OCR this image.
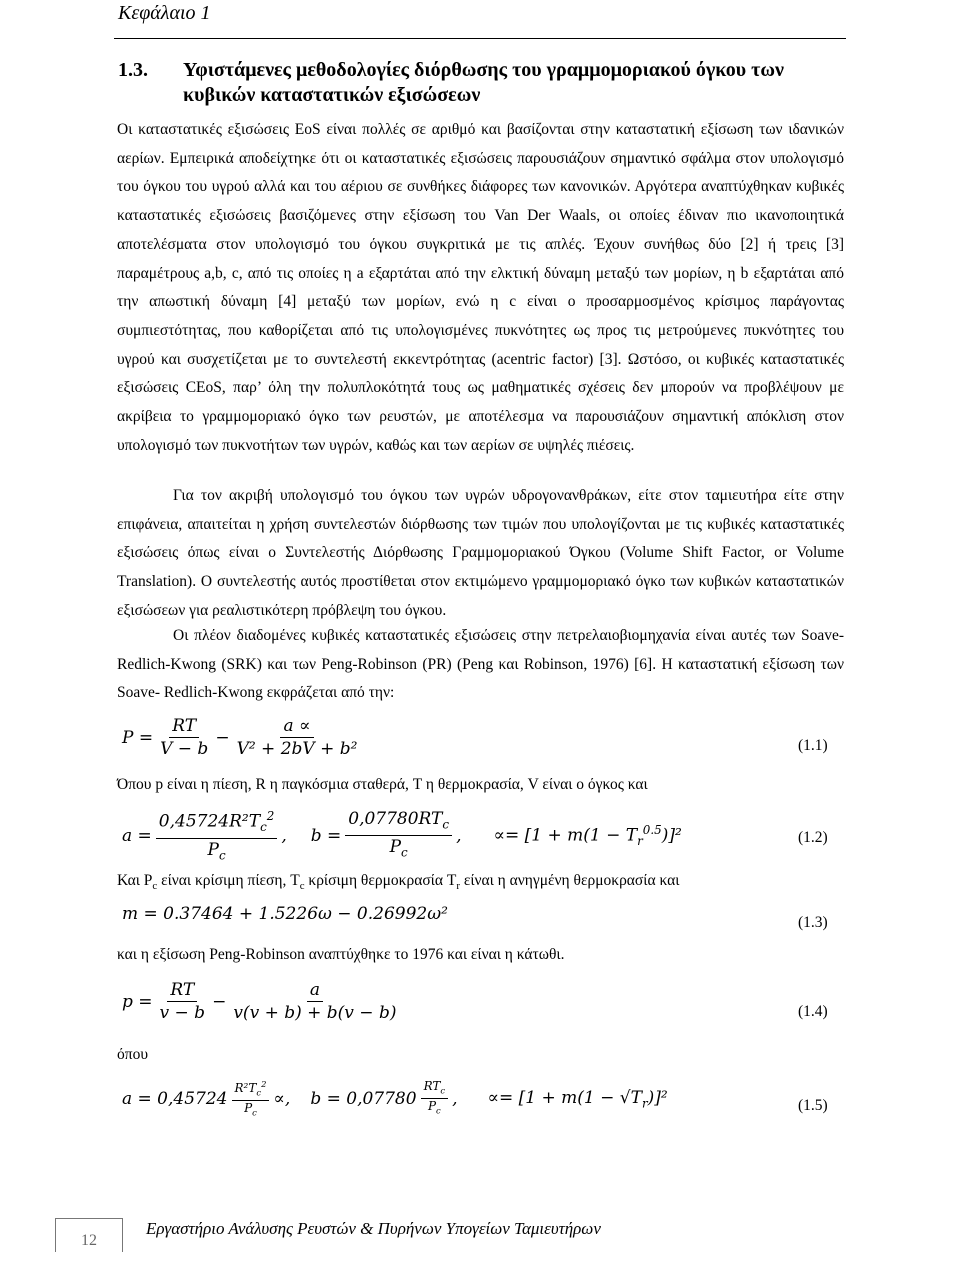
Κεφάλαιο 1
1.3. Υφιστάμενες μεθοδολογίες διόρθωσης του γραμμομοριακού όγκου των κυβικών καταστατικών εξισώσεων

Οι καταστατικές εξισώσεις EoS είναι πολλές σε αριθμό και βασίζονται στην καταστατική εξίσωση των ιδανικών αερίων. Εμπειρικά αποδείχτηκε ότι οι καταστατικές εξισώσεις παρουσιάζουν σημαντικό σφάλμα στον υπολογισμό του όγκου του υγρού αλλά και του αέριου σε συνθήκες διάφορες των κανονικών. Αργότερα αναπτύχθηκαν κυβικές καταστατικές εξισώσεις βασιζόμενες στην εξίσωση του Van Der Waals, οι οποίες έδιναν πιο ικανοποιητικά αποτελέσματα στον υπολογισμό του όγκου συγκριτικά με τις απλές. Έχουν συνήθως δύο [2] ή τρεις [3] παραμέτρους a,b, c, από τις οποίες η a εξαρτάται από την ελκτική δύναμη μεταξύ των μορίων, η b εξαρτάται από την απωστική δύναμη [4] μεταξύ των μορίων, ενώ η c είναι ο προσαρμοσμένος κρίσιμος παράγοντας συμπιεστότητας, που καθορίζεται από τις υπολογισμένες πυκνότητες ως προς τις μετρούμενες πυκνότητες του υγρού και συσχετίζεται με το συντελεστή εκκεντρότητας (acentric factor) [3]. Ωστόσο, οι κυβικές καταστατικές εξισώσεις CEoS, παρ’ όλη την πολυπλοκότητά τους ως μαθηματικές σχέσεις δεν μπορούν να προβλέψουν με ακρίβεια το γραμμομοριακό όγκο των ρευστών, με αποτέλεσμα να παρουσιάζουν σημαντική απόκλιση στον υπολογισμό των πυκνοτήτων των υγρών, καθώς και των αερίων σε υψηλές πιέσεις.

Για τον ακριβή υπολογισμό του όγκου των υγρών υδρογονανθράκων, είτε στον ταμιευτήρα είτε στην επιφάνεια, απαιτείται η χρήση συντελεστών διόρθωσης των τιμών που υπολογίζονται με τις κυβικές καταστατικές εξισώσεις όπως είναι ο Συντελεστής Διόρθωσης Γραμμομοριακού Όγκου (Volume Shift Factor, or Volume Translation). Ο συντελεστής αυτός προστίθεται στον εκτιμώμενο γραμμομοριακό όγκο των κυβικών καταστατικών εξισώσεων για ρεαλιστικότερη πρόβλεψη του όγκου.

Οι πλέον διαδομένες κυβικές καταστατικές εξισώσεις στην πετρελαιοβιομηχανία είναι αυτές των Soave-Redlich-Kwong (SRK) και των Peng-Robinson (PR) (Peng και Robinson, 1976) [6]. Η καταστατική εξίσωση των Soave- Redlich-Kwong εκφράζεται από την:

$P = \frac{RT}{V - b} - \frac{a \propto}{\text{V² + 2bV + b²}}$	(1.1)
Όπου p είναι η πίεση, R η παγκόσμια σταθερά, T η θερμοκρασία, V είναι ο όγκος και
$a = \frac{0,45724R^2T_c^2}{P_c}$ , $b = \frac{0,07780RT_c}{P_c}$ , ∝= $[1 + m(1 - T_r^{0.5})]^2$	(1.2)
Και $P_c$ είναι κρίσιμη πίεση, $T_c$ κρίσιμη θερμοκρασία $T_r$ είναι η ανηγμένη θερμοκρασία και
m = 0.37464 + 1.5226ω − 0.26992ω²	(1.3)
και η εξίσωση Peng-Robinson αναπτύχθηκε το 1976 και είναι η κάτωθι.
$p = \frac{RT}{v - b} - \frac{a}{v(v + b) + b(v - b)}$	(1.4)
όπου
$a = 0,45724 \frac{R^2T_c^2}{P_c}$ ∝, $b = 0,07780 \frac{RT_c}{P_c}$ , ∝= $[1 + m(1 - √T_r)]^2$	(1.5)
12
Εργαστήριο Ανάλυσης Ρευστών & Πυρήνων Υπογείων Ταμιευτήρων
